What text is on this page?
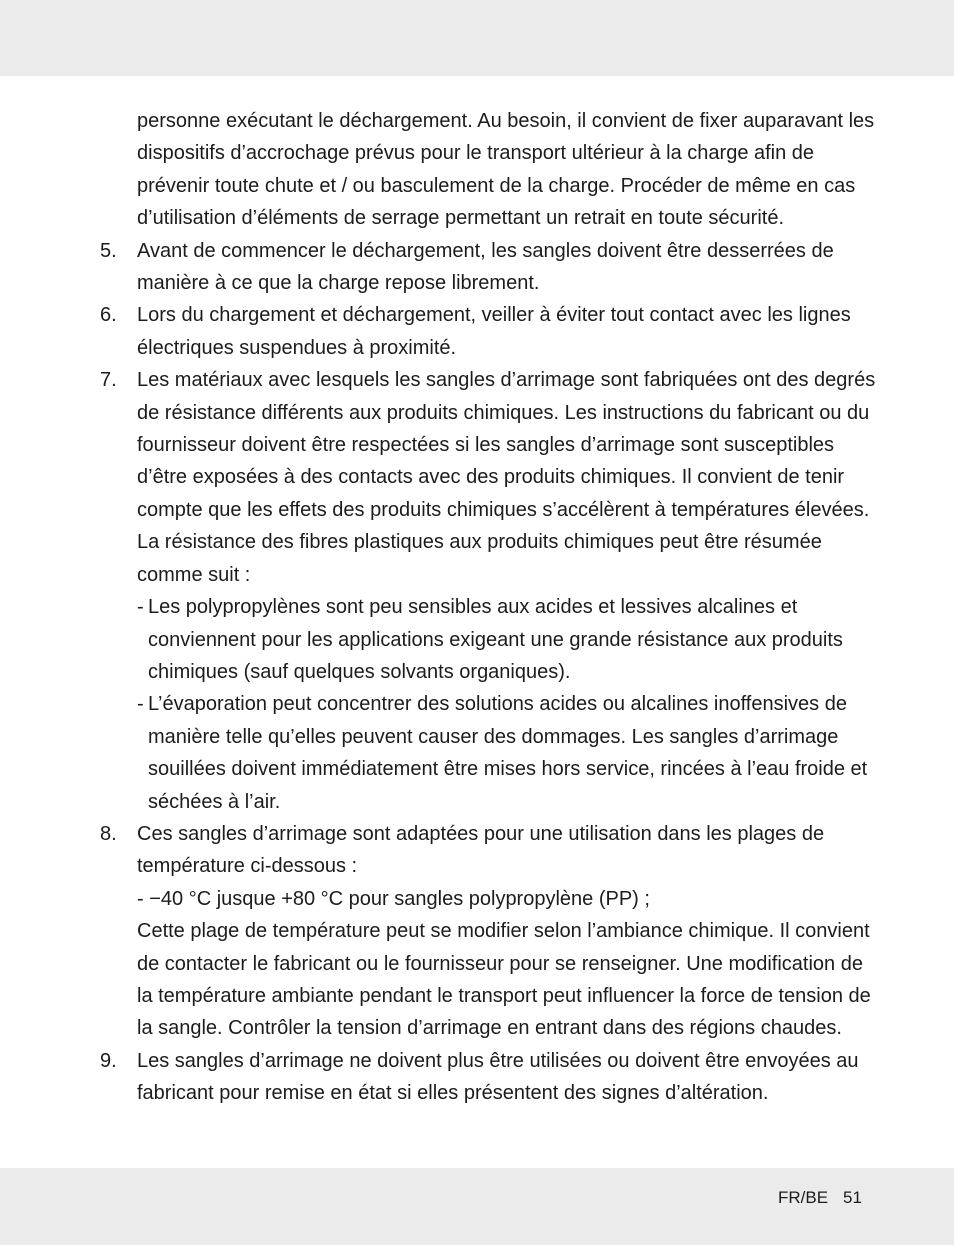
personne exécutant le déchargement. Au besoin, il convient de fixer auparavant les dispositifs d’accrochage prévus pour le transport ultérieur à la charge afin de prévenir toute chute et / ou basculement de la charge. Procéder de même en cas d’utilisation d’éléments de serrage permettant un retrait en toute sécurité.
5. Avant de commencer le déchargement, les sangles doivent être desserrées de manière à ce que la charge repose librement.
6. Lors du chargement et déchargement, veiller à éviter tout contact avec les lignes électriques suspendues à proximité.
7. Les matériaux avec lesquels les sangles d’arrimage sont fabriquées ont des degrés de résistance différents aux produits chimiques. Les instructions du fabricant ou du fournisseur doivent être respectées si les sangles d’arrimage sont susceptibles d’être exposées à des contacts avec des produits chimiques. Il convient de tenir compte que les effets des produits chimiques s’accélèrent à températures élevées. La résistance des fibres plastiques aux produits chimiques peut être résumée comme suit :
- Les polypropylènes sont peu sensibles aux acides et lessives alcalines et conviennent pour les applications exigeant une grande résistance aux produits chimiques (sauf quelques solvants organiques).
- L’évaporation peut concentrer des solutions acides ou alcalines inoffensives de manière telle qu’elles peuvent causer des dommages. Les sangles d’arrimage souillées doivent immédiatement être mises hors service, rincées à l’eau froide et séchées à l’air.
8. Ces sangles d’arrimage sont adaptées pour une utilisation dans les plages de température ci-dessous :
- −40 °C jusque +80 °C pour sangles polypropylène (PP) ;
Cette plage de température peut se modifier selon l’ambiance chimique. Il convient de contacter le fabricant ou le fournisseur pour se renseigner. Une modification de la température ambiante pendant le transport peut influencer la force de tension de la sangle. Contrôler la tension d’arrimage en entrant dans des régions chaudes.
9. Les sangles d’arrimage ne doivent plus être utilisées ou doivent être envoyées au fabricant pour remise en état si elles présentent des signes d’altération.
FR/BE 51
